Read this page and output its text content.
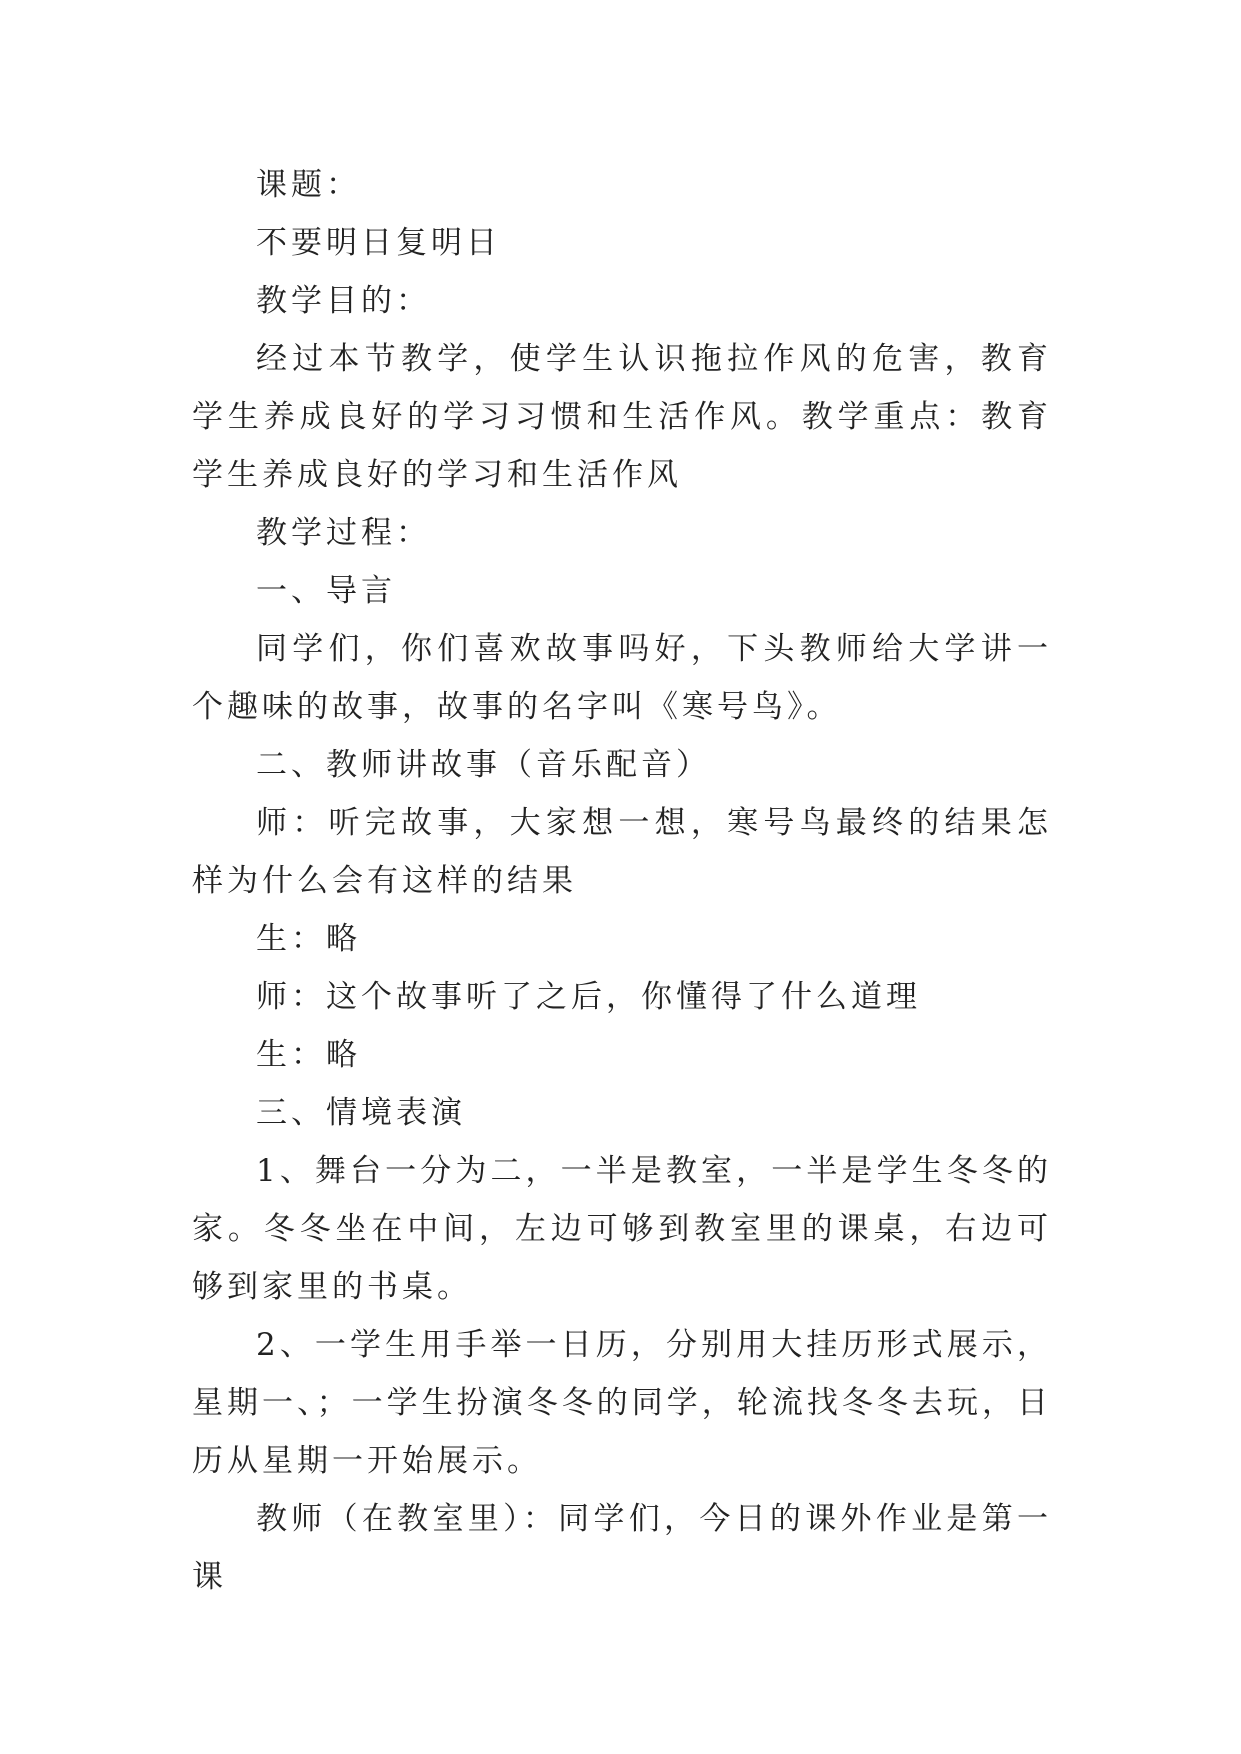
课题：

不要明日复明日

教学目的：

经过本节教学，使学生认识拖拉作风的危害，教育学生养成良好的学习习惯和生活作风。教学重点：教育学生养成良好的学习和生活作风

教学过程：

一、导言

同学们，你们喜欢故事吗好，下头教师给大学讲一个趣味的故事，故事的名字叫《寒号鸟》。

二、教师讲故事（音乐配音）

师：听完故事，大家想一想，寒号鸟最终的结果怎样为什么会有这样的结果

生：略

师：这个故事听了之后，你懂得了什么道理

生：略

三、情境表演

1、舞台一分为二，一半是教室，一半是学生冬冬的家。冬冬坐在中间，左边可够到教室里的课桌，右边可够到家里的书桌。

2、一学生用手举一日历，分别用大挂历形式展示，星期一、；一学生扮演冬冬的同学，轮流找冬冬去玩，日历从星期一开始展示。

教师（在教室里）：同学们，今日的课外作业是第一课
